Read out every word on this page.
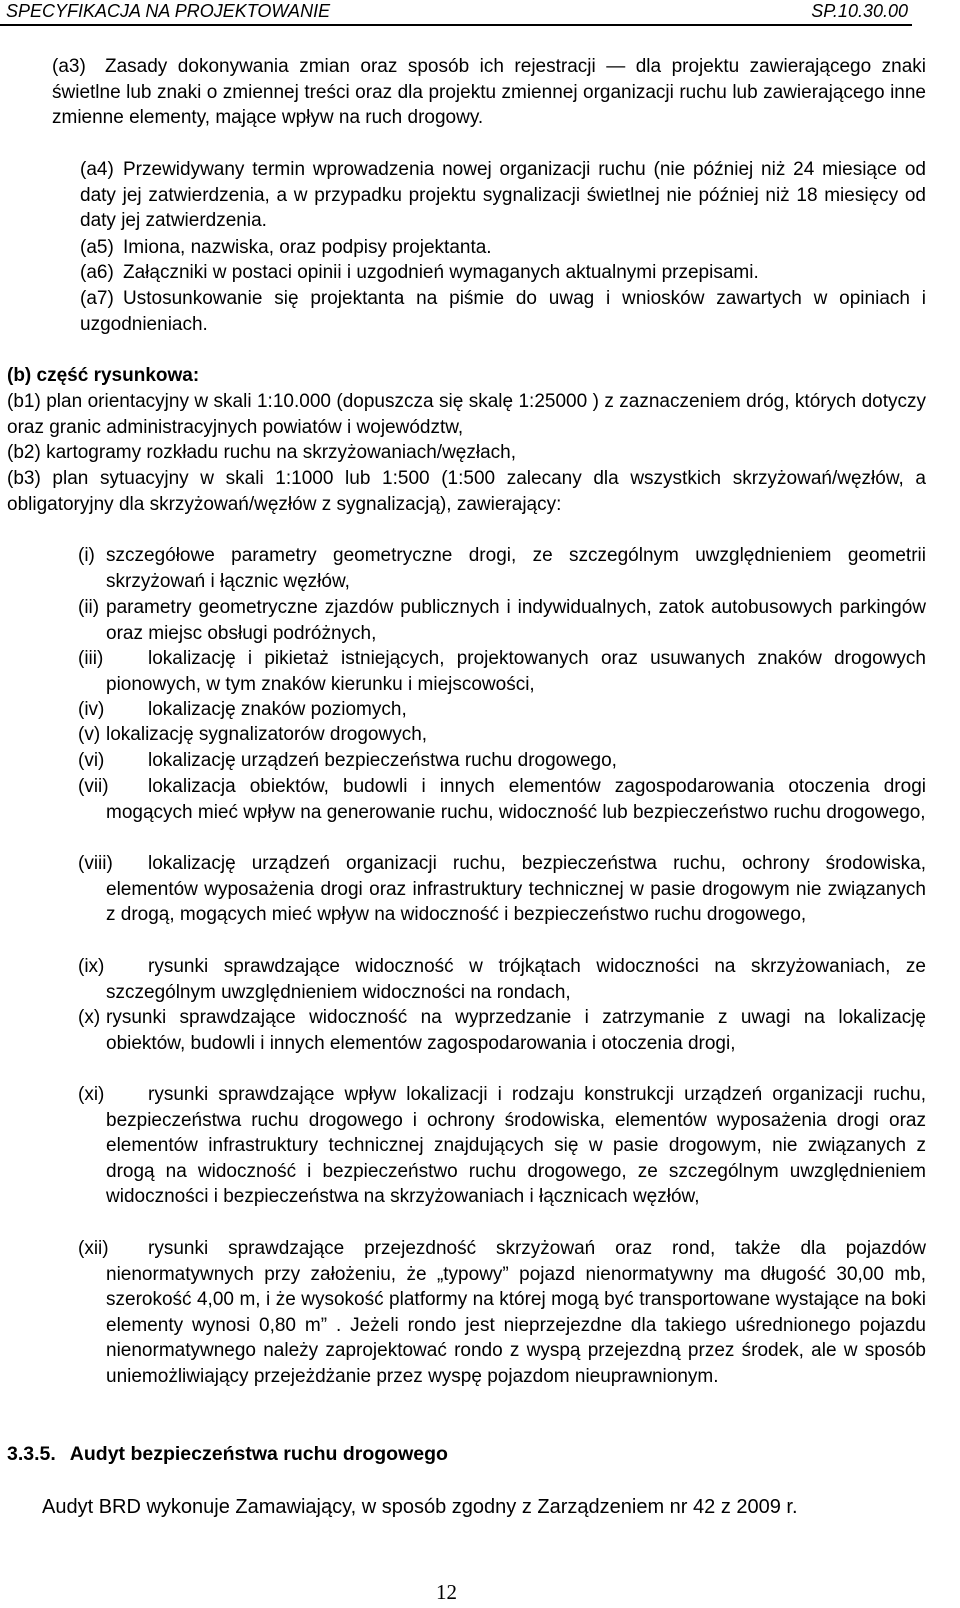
SPECYFIKACJA NA PROJEKTOWANIE	SP.10.30.00
(a3)	Zasady dokonywania zmian oraz sposób ich rejestracji — dla projektu zawierającego znaki świetlne lub znaki o zmiennej treści oraz dla projektu zmiennej organizacji ruchu lub zawierającego inne zmienne elementy, mające wpływ na ruch drogowy.
(a4) Przewidywany termin wprowadzenia nowej organizacji ruchu (nie później niż 24 miesiące od daty jej zatwierdzenia, a w przypadku projektu sygnalizacji świetlnej nie później niż 18 miesięcy od daty jej zatwierdzenia.
(a5) Imiona, nazwiska, oraz podpisy projektanta.
(a6) Załączniki w postaci opinii i uzgodnień wymaganych aktualnymi przepisami.
(a7) Ustosunkowanie się projektanta na piśmie do uwag i wniosków zawartych w opiniach i uzgodnieniach.
(b) część rysunkowa:
(b1) plan orientacyjny w skali 1:10.000 (dopuszcza się skalę 1:25000 ) z zaznaczeniem dróg, których dotyczy oraz granic administracyjnych powiatów i województw,
(b2) kartogramy rozkładu ruchu na skrzyżowaniach/węzłach,
(b3) plan sytuacyjny w skali 1:1000 lub 1:500 (1:500 zalecany dla wszystkich skrzyżowań/węzłów, a obligatoryjny dla skrzyżowań/węzłów z sygnalizacją), zawierający:
(i) szczegółowe parametry geometryczne drogi, ze szczególnym uwzględnieniem geometrii skrzyżowań i łącznic węzłów,
(ii) parametry geometryczne zjazdów publicznych i indywidualnych, zatok autobusowych parkingów oraz miejsc obsługi podróżnych,
(iii)	lokalizację i pikietaż istniejących, projektowanych oraz usuwanych znaków drogowych pionowych, w tym znaków kierunku i miejscowości,
(iv)	lokalizację znaków poziomych,
(v) lokalizację sygnalizatorów drogowych,
(vi)	lokalizację urządzeń bezpieczeństwa ruchu drogowego,
(vii)	lokalizacja obiektów, budowli i innych elementów zagospodarowania otoczenia drogi mogących mieć wpływ na generowanie ruchu, widoczność lub bezpieczeństwo ruchu drogowego,
(viii)	lokalizację urządzeń organizacji ruchu, bezpieczeństwa ruchu, ochrony środowiska, elementów wyposażenia drogi oraz infrastruktury technicznej w pasie drogowym nie związanych z drogą, mogących mieć wpływ na widoczność i bezpieczeństwo ruchu drogowego,
(ix)	rysunki sprawdzające widoczność w trójkątach widoczności na skrzyżowaniach, ze szczególnym uwzględnieniem widoczności na rondach,
(x) rysunki sprawdzające widoczność na wyprzedzanie i zatrzymanie z uwagi na lokalizację obiektów, budowli i innych elementów zagospodarowania i otoczenia drogi,
(xi)	rysunki sprawdzające wpływ lokalizacji i rodzaju konstrukcji urządzeń organizacji ruchu, bezpieczeństwa ruchu drogowego i ochrony środowiska, elementów wyposażenia drogi oraz elementów infrastruktury technicznej znajdujących się w pasie drogowym, nie związanych z drogą na widoczność i bezpieczeństwo ruchu drogowego, ze szczególnym uwzględnieniem widoczności i bezpieczeństwa na skrzyżowaniach i łącznicach węzłów,
(xii)	rysunki sprawdzające przejezdność skrzyżowań oraz rond, także dla pojazdów nienormatywnych przy założeniu, że „typowy” pojazd nienormatywny ma długość 30,00 mb, szerokość 4,00 m, i że wysokość platformy na której mogą być transportowane wystające na boki elementy wynosi 0,80 m” . Jeżeli rondo jest nieprzejezdne dla takiego uśrednionego pojazdu nienormatywnego należy zaprojektować rondo z wyspą przejezdną przez środek, ale w sposób uniemożliwiający przejeżdżanie przez wyspę pojazdom nieuprawnionym.
3.3.5. Audyt bezpieczeństwa ruchu drogowego
Audyt BRD wykonuje Zamawiający, w sposób zgodny z Zarządzeniem nr 42 z 2009 r.
12
